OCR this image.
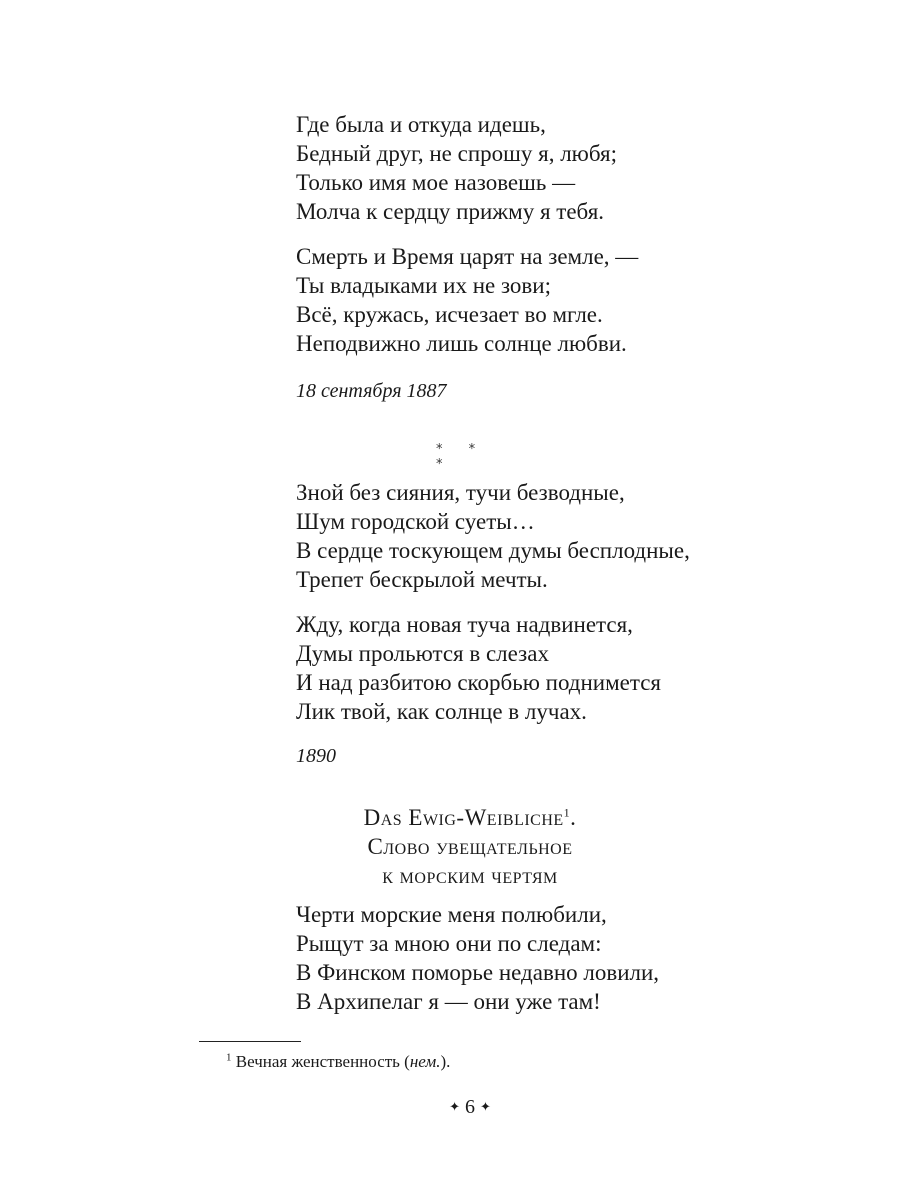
Где была и откуда идешь,
Бедный друг, не спрошу я, любя;
Только имя мое назовешь —
Молча к сердцу прижму я тебя.
Смерть и Время царят на земле, —
Ты владыками их не зови;
Всё, кружась, исчезает во мгле.
Неподвижно лишь солнце любви.
18 сентября 1887
* * *
Зной без сияния, тучи безводные,
Шум городской суеты…
В сердце тоскующем думы бесплодные,
Трепет бескрылой мечты.
Жду, когда новая туча надвинется,
Думы прольются в слезах
И над разбитою скорбью поднимется
Лик твой, как солнце в лучах.
1890
Das Ewig-Weibliche$^1$.
Слово увещательное
к морским чертям
Черти морские меня полюбили,
Рыщут за мною они по следам:
В Финском поморье недавно ловили,
В Архипелаг я — они уже там!
$^1$ Вечная женственность (нем.).
✦ 6 ✦
